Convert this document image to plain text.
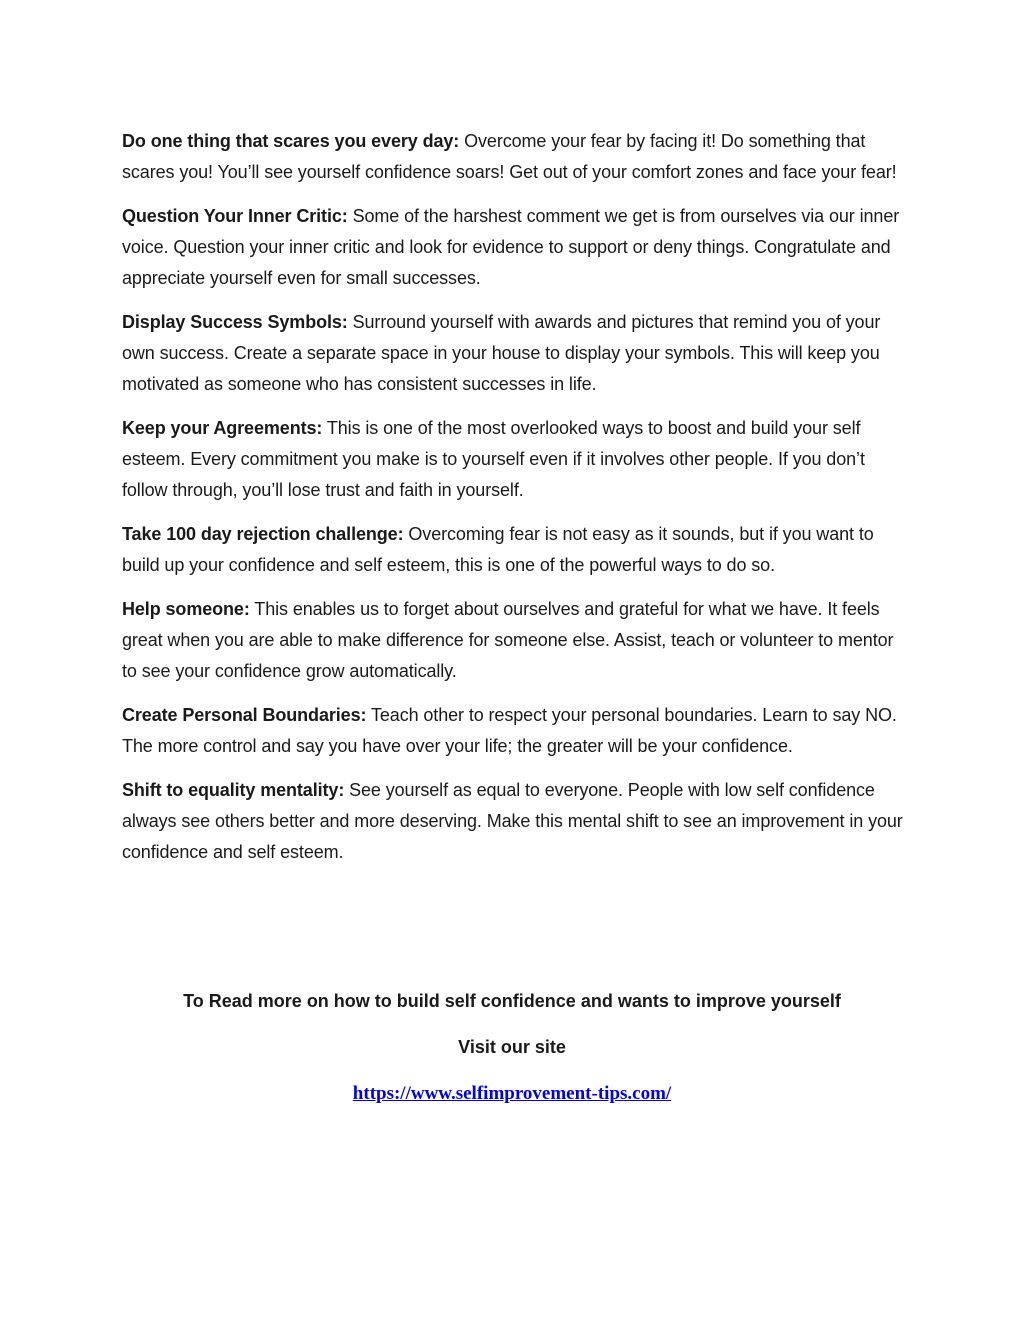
Do one thing that scares you every day: Overcome your fear by facing it! Do something that scares you! You’ll see yourself confidence soars! Get out of your comfort zones and face your fear!

Question Your Inner Critic: Some of the harshest comment we get is from ourselves via our inner voice. Question your inner critic and look for evidence to support or deny things. Congratulate and appreciate yourself even for small successes.

Display Success Symbols: Surround yourself with awards and pictures that remind you of your own success. Create a separate space in your house to display your symbols. This will keep you motivated as someone who has consistent successes in life.

Keep your Agreements: This is one of the most overlooked ways to boost and build your self esteem. Every commitment you make is to yourself even if it involves other people. If you don’t follow through, you’ll lose trust and faith in yourself.

Take 100 day rejection challenge: Overcoming fear is not easy as it sounds, but if you want to build up your confidence and self esteem, this is one of the powerful ways to do so.

Help someone: This enables us to forget about ourselves and grateful for what we have. It feels great when you are able to make difference for someone else. Assist, teach or volunteer to mentor to see your confidence grow automatically.

Create Personal Boundaries: Teach other to respect your personal boundaries. Learn to say NO. The more control and say you have over your life; the greater will be your confidence.

Shift to equality mentality: See yourself as equal to everyone. People with low self confidence always see others better and more deserving. Make this mental shift to see an improvement in your confidence and self esteem.

To Read more on how to build self confidence and wants to improve yourself
Visit our site
https://www.selfimprovement-tips.com/
